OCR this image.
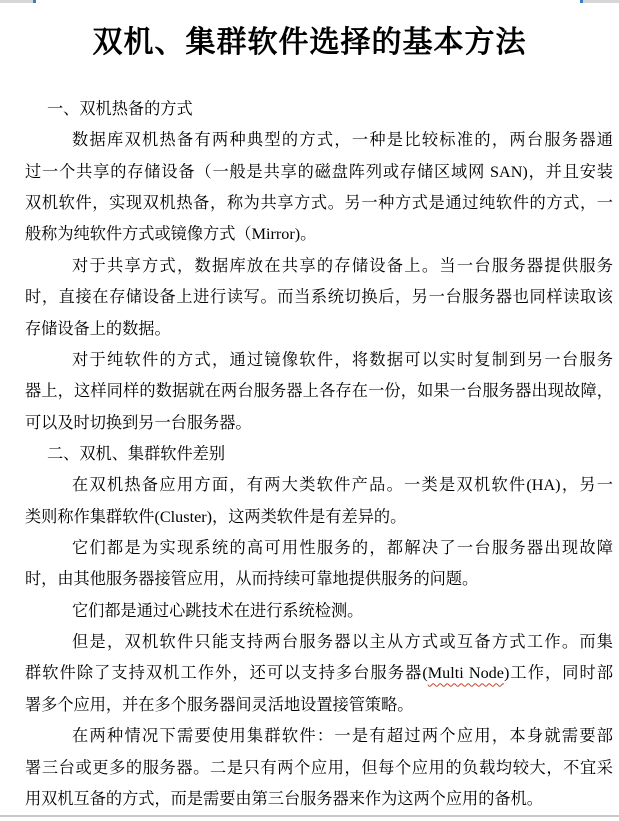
双机、集群软件选择的基本方法
一、双机热备的方式
数据库双机热备有两种典型的方式，一种是比较标准的，两台服务器通
过一个共享的存储设备（一般是共享的磁盘阵列或存储区域网 SAN)，并且安装
双机软件，实现双机热备，称为共享方式。另一种方式是通过纯软件的方式，一
般称为纯软件方式或镜像方式（Mirror)。
对于共享方式，数据库放在共享的存储设备上。当一台服务器提供服务
时，直接在存储设备上进行读写。而当系统切换后，另一台服务器也同样读取该
存储设备上的数据。
对于纯软件的方式，通过镜像软件，将数据可以实时复制到另一台服务
器上，这样同样的数据就在两台服务器上各存在一份，如果一台服务器出现故障，
可以及时切换到另一台服务器。
二、双机、集群软件差别
在双机热备应用方面，有两大类软件产品。一类是双机软件(HA)，另一
类则称作集群软件(Cluster)，这两类软件是有差异的。
它们都是为实现系统的高可用性服务的，都解决了一台服务器出现故障
时，由其他服务器接管应用，从而持续可靠地提供服务的问题。
它们都是通过心跳技术在进行系统检测。
但是，双机软件只能支持两台服务器以主从方式或互备方式工作。而集
群软件除了支持双机工作外，还可以支持多台服务器(Multi Node)工作，同时部
署多个应用，并在多个服务器间灵活地设置接管策略。
在两种情况下需要使用集群软件：一是有超过两个应用，本身就需要部
署三台或更多的服务器。二是只有两个应用，但每个应用的负载均较大，不宜采
用双机互备的方式，而是需要由第三台服务器来作为这两个应用的备机。
